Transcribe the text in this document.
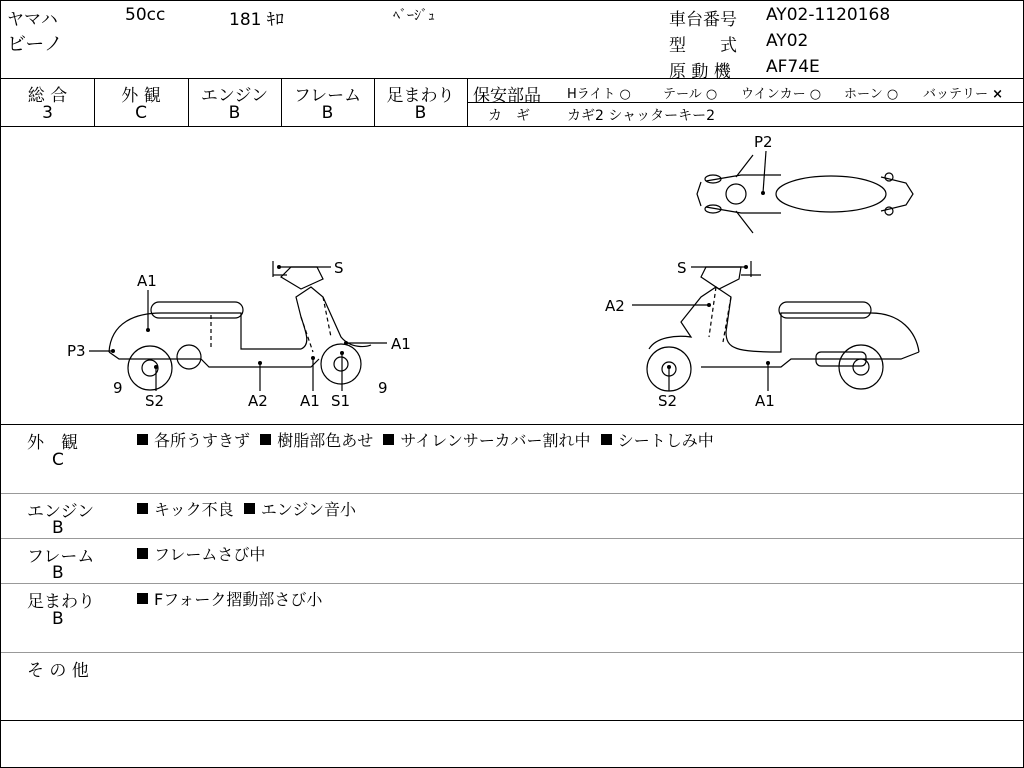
ヤマハ	50cc	181 ｷﾛ	ﾍﾞｰｼﾞｭ
ビーノ
車台番号 AY02-1120168
型　　式 AY02
原 動 機 AF74E
総 合
3
外 観
C
エンジン
B
フレーム
B
足まわり
B
保安部品 Hライト ○ テール ○ ウインカー ○ ホーン ○ バッテリー ×
カ　ギ	カギ2 シャッターキー2
A1
P3
9
S2	A2 A1 S1
9
A1
S	S
A2
S2	A1
P2
外　観
C
各所うすきず 樹脂部色あせ サイレンサーカバー割れ中 シートしみ中
エンジン
B
キック不良 エンジン音小
フレーム
B
フレームさび中
足まわり
B
Fフォーク摺動部さび小
そ の 他
